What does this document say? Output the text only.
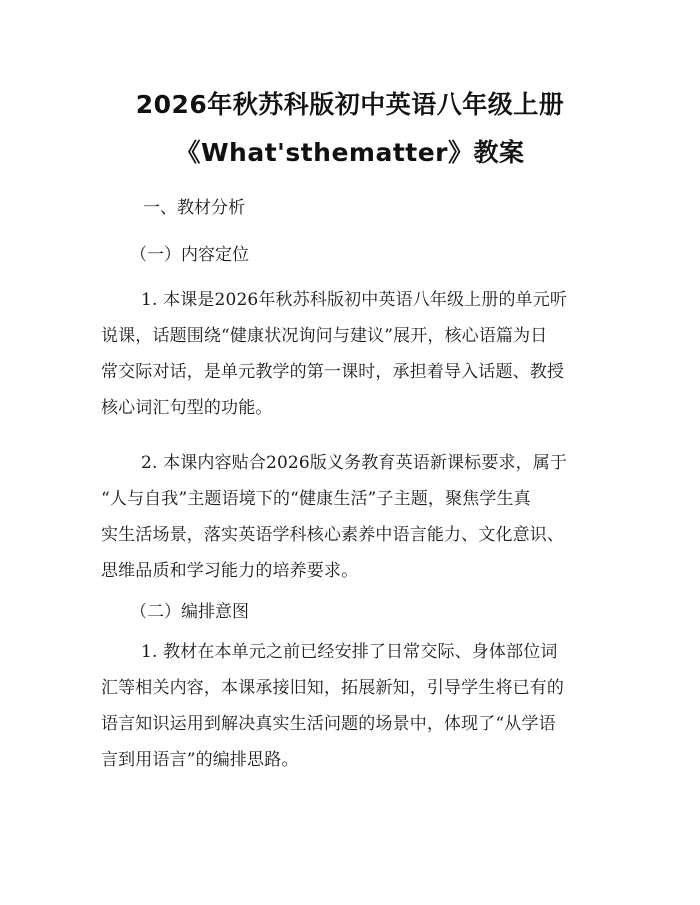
2026年秋苏科版初中英语八年级上册
《What'sthematter》教案
一、教材分析
（一）内容定位
1. 本课是2026年秋苏科版初中英语八年级上册的单元听
说课，话题围绕“健康状况询问与建议”展开，核心语篇为日
常交际对话，是单元教学的第一课时，承担着导入话题、教授
核心词汇句型的功能。
2. 本课内容贴合2026版义务教育英语新课标要求，属于
“人与自我”主题语境下的“健康生活”子主题，聚焦学生真
实生活场景，落实英语学科核心素养中语言能力、文化意识、
思维品质和学习能力的培养要求。
（二）编排意图
1. 教材在本单元之前已经安排了日常交际、身体部位词
汇等相关内容，本课承接旧知，拓展新知，引导学生将已有的
语言知识运用到解决真实生活问题的场景中，体现了“从学语
言到用语言”的编排思路。
